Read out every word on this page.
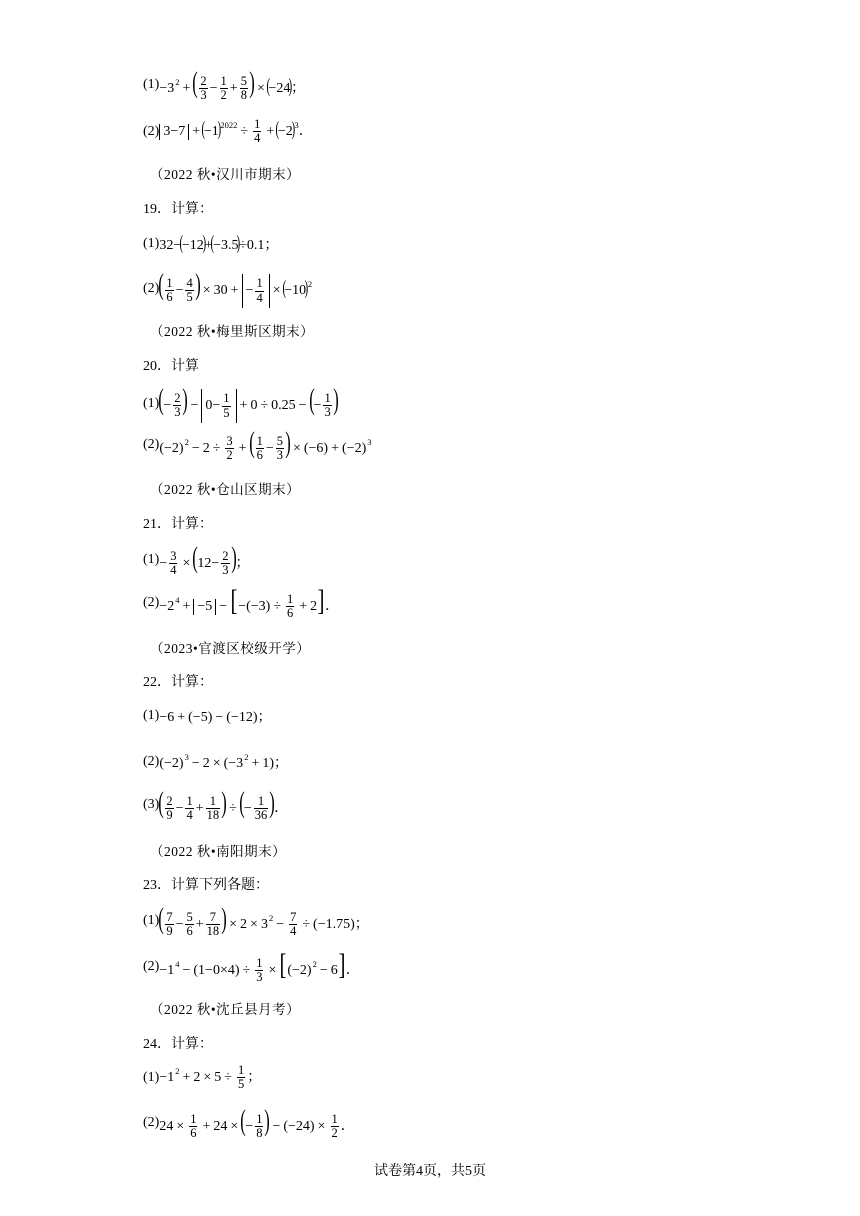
$(1) -3^2$ +( $\frac{2}{3} - \frac{1}{2} + \frac{5}{8}$ ) ×(−24)；
(2) $3-7 +(-1)^{2022} \div \frac{1}{4} +(-2)^3$．
（2022 秋•汉川市期末）
19．计算：
(1) 32−(−12)+(−3.5)÷0.1；
(2) ( $\frac{1}{6} - \frac{4}{5}$ ) × 30 + − $\frac{1}{4} \times(-10)^2$
（2022 秋•梅里斯区期末）
20．计算
(1) (− $\frac{2}{3}$ ) − $0- \frac{1}{5} + 0 \div 0.25$ −(− $\frac{1}{3}$ )
(2) $(-2)^2 - 2 \div \frac{3}{2}$ +( $\frac{1}{6} - \frac{5}{3}$ ) × $(-6) + (-2)^3$
（2022 秋•仓山区期末）
21．计算：
$(1) - \frac{3}{4} \times(12- \frac{2}{3}$ )；
$(2) -2^4 + -5 - [-(-3) \div \frac{1}{6} + 2]$．
（2023•官渡区校级开学）
22．计算：
(1) −6 + (−5) − (−12)；
(2) $(-2)^3 - 2 \times (-3^2 + 1)$；
(3) ( $\frac{2}{9} - \frac{1}{4} + \frac{1}{18}$ ) ÷(− $\frac{1}{36}$ )．
（2022 秋•南阳期末）
23．计算下列各题：
(1) ( $\frac{7}{9} - \frac{5}{6} + \frac{7}{18}$ ) × $2 \times 3^2 - \frac{7}{4} \div (-1.75)$；
$(2) -1^4 - (1-0\times 4) \div \frac{1}{3} \times [(-2)^2 - 6]$．
（2022 秋•沈丘县月考）
24．计算：
$(1) -1^2 + 2 \times 5 \div \frac{1}{5}$ ；
(2) $24 \times \frac{1}{6} + 24$ ×(− $\frac{1}{8}$ ) − $(-24) \times \frac{1}{2}$ ．
试卷第4页，共5页
